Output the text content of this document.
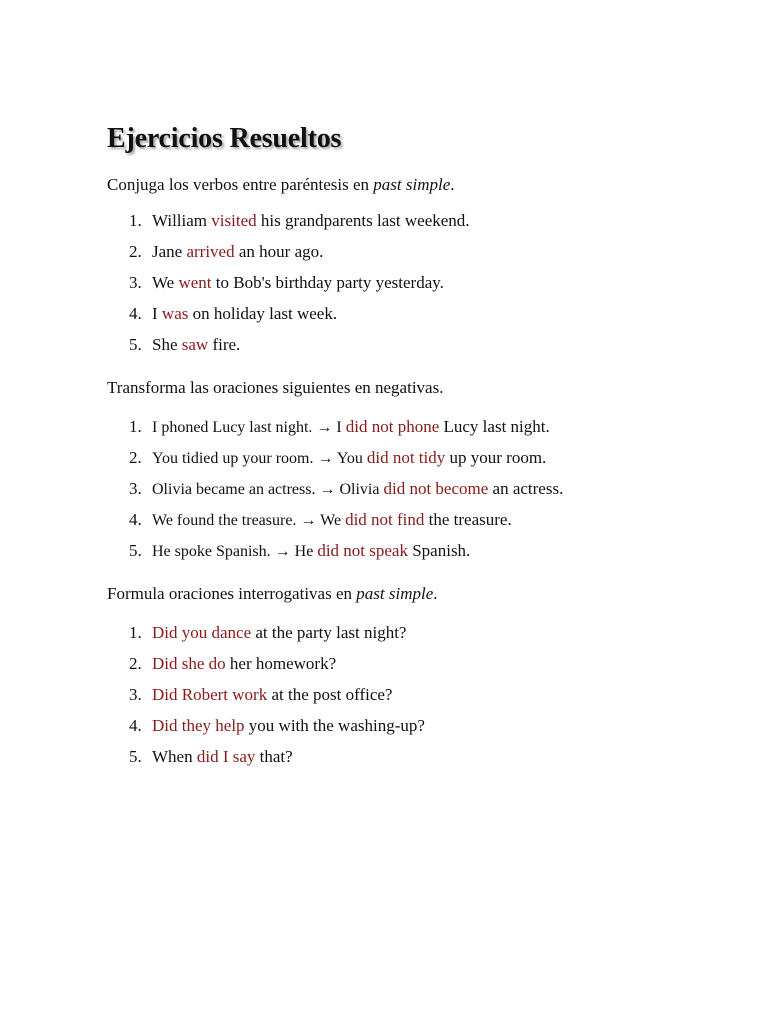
Ejercicios Resueltos

Conjuga los verbos entre paréntesis en past simple.

1. William visited his grandparents last weekend.
2. Jane arrived an hour ago.
3. We went to Bob's birthday party yesterday.
4. I was on holiday last week.
5. She saw fire.

Transforma las oraciones siguientes en negativas.

1. I phoned Lucy last night. → I did not phone Lucy last night.
2. You tidied up your room. → You did not tidy up your room.
3. Olivia became an actress. → Olivia did not become an actress.
4. We found the treasure. → We did not find the treasure.
5. He spoke Spanish. → He did not speak Spanish.

Formula oraciones interrogativas en past simple.

1. Did you dance at the party last night?
2. Did she do her homework?
3. Did Robert work at the post office?
4. Did they help you with the washing-up?
5. When did I say that?
